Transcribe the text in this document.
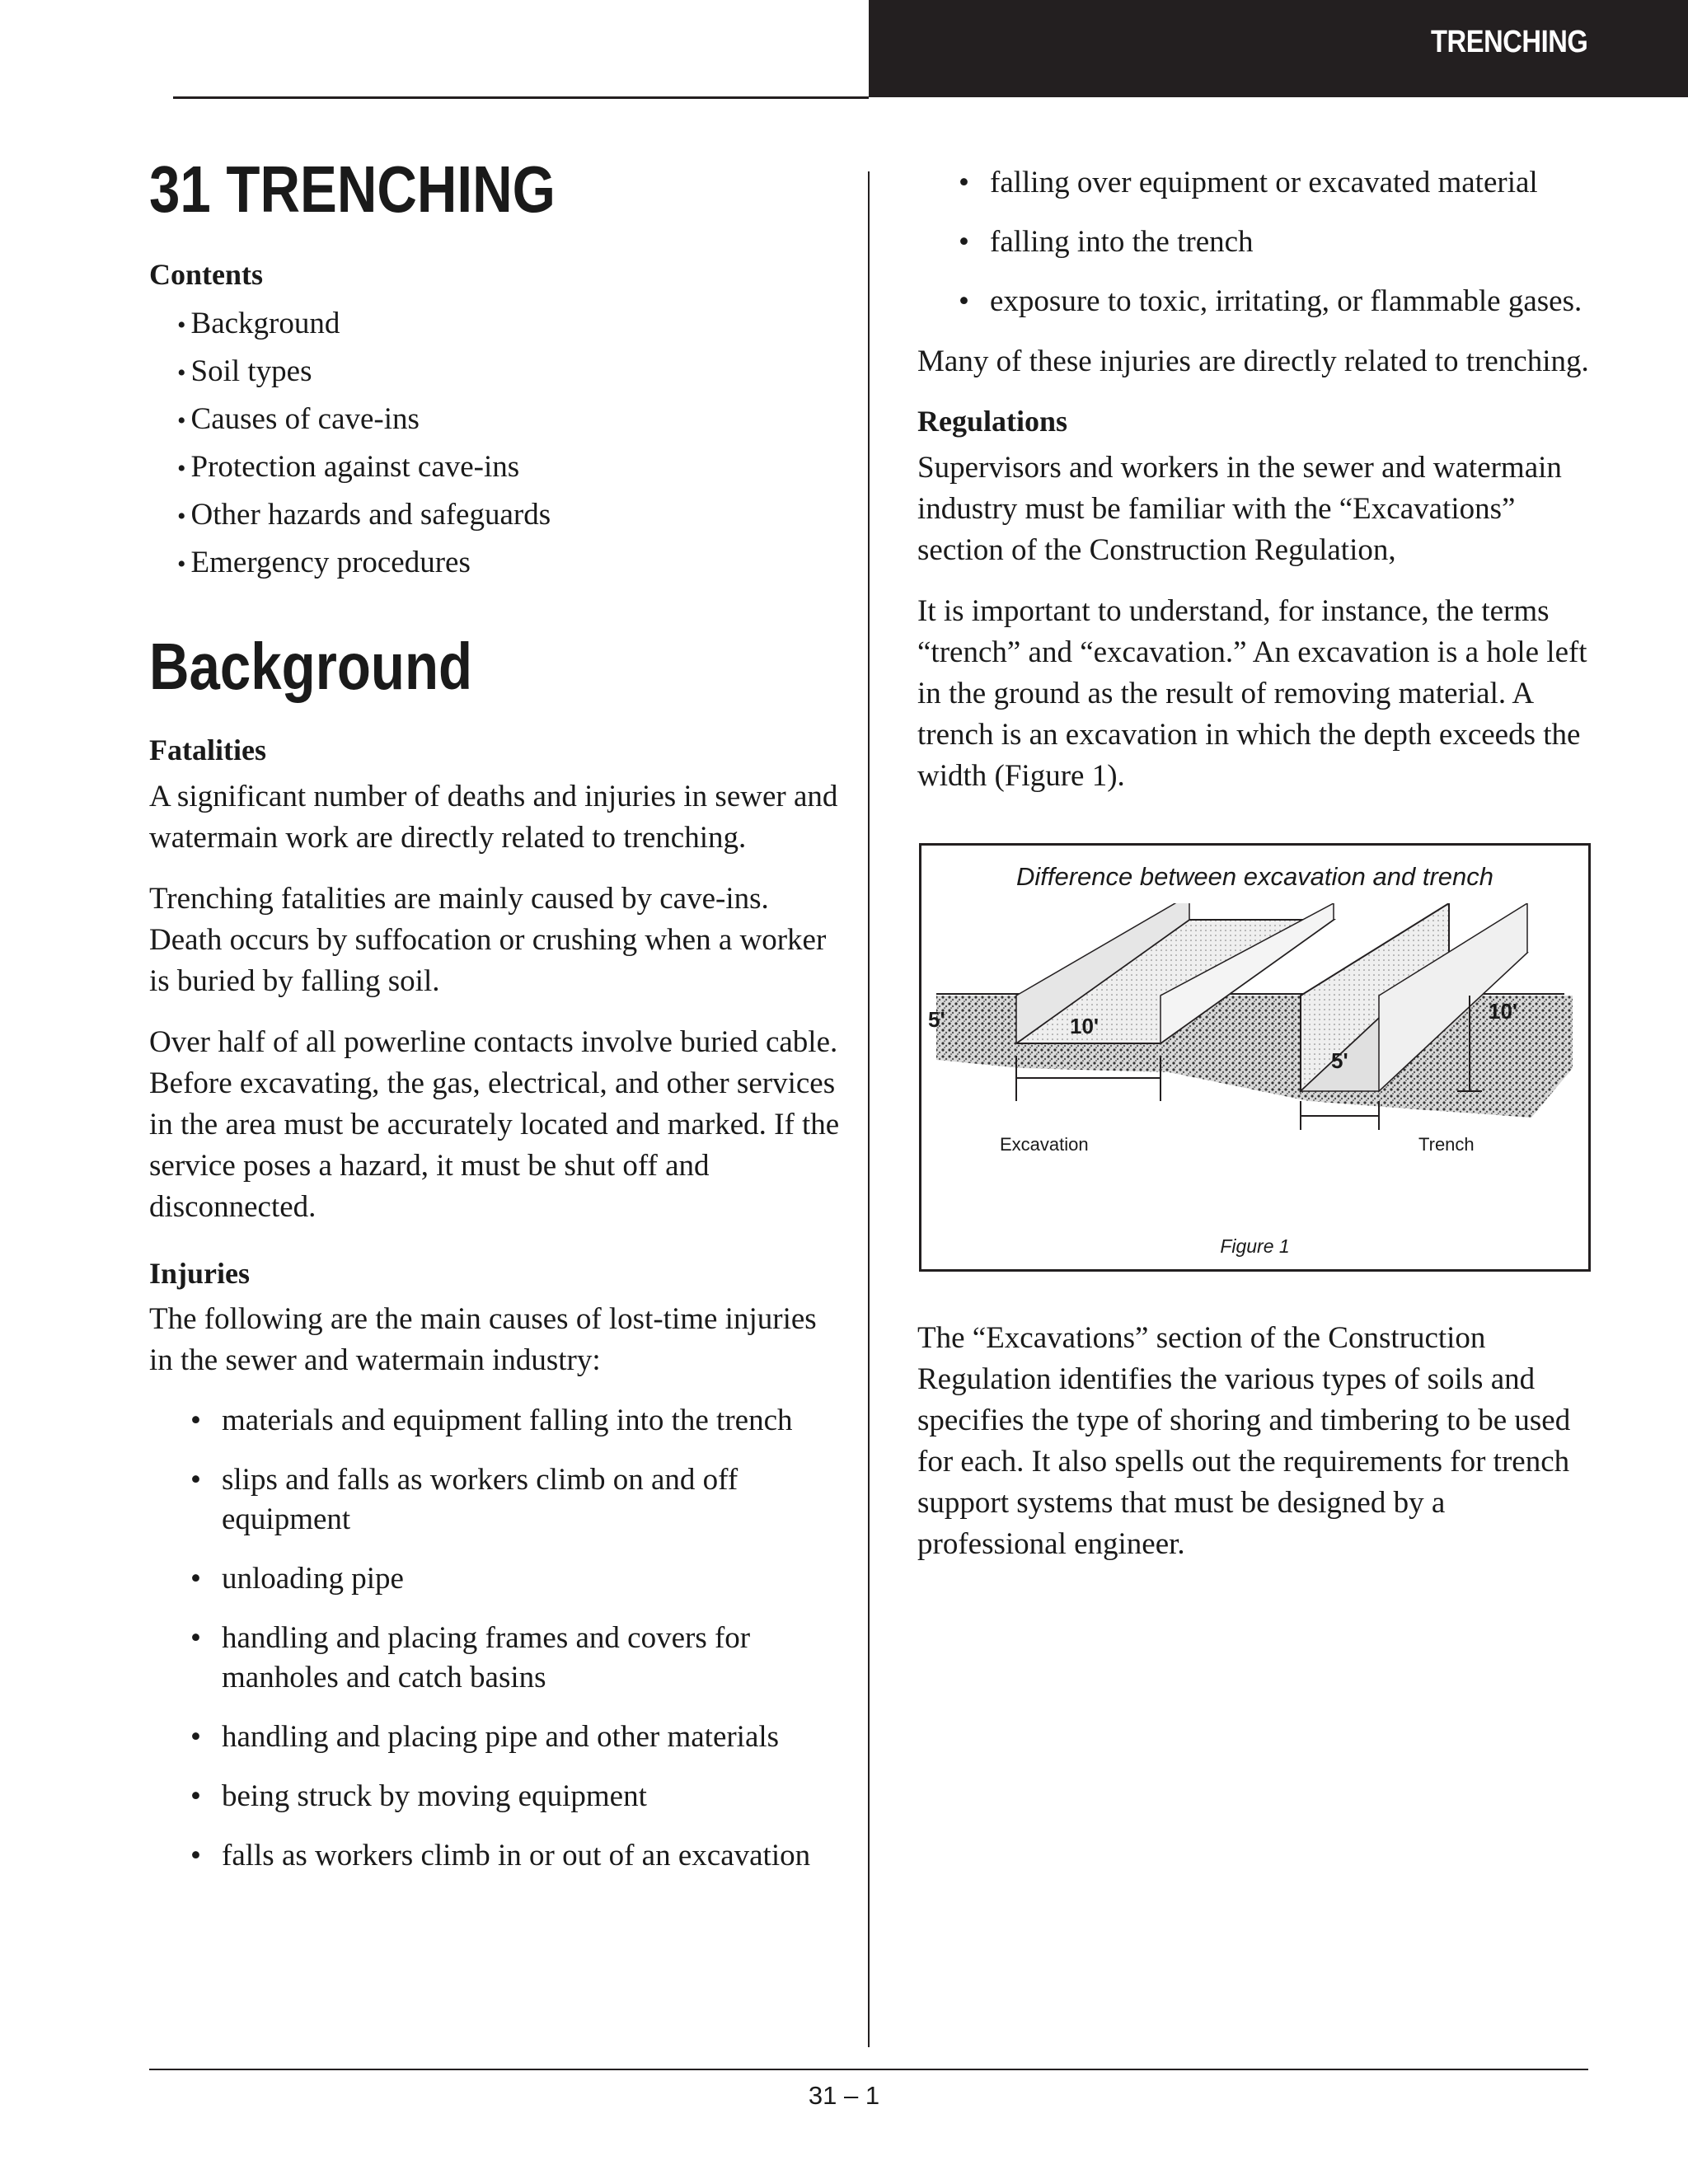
TRENCHING
31 TRENCHING
Contents
• Background
• Soil types
• Causes of cave-ins
• Protection against cave-ins
• Other hazards and safeguards
• Emergency procedures
Background
Fatalities

A significant number of deaths and injuries in sewer and watermain work are directly related to trenching.

Trenching fatalities are mainly caused by cave-ins. Death occurs by suffocation or crushing when a worker is buried by falling soil.

Over half of all powerline contacts involve buried cable. Before excavating, the gas, electrical, and other services in the area must be accurately located and marked. If the service poses a hazard, it must be shut off and disconnected.

Injuries

The following are the main causes of lost-time injuries in the sewer and watermain industry:

• materials and equipment falling into the trench
• slips and falls as workers climb on and off equipment
• unloading pipe
• handling and placing frames and covers for manholes and catch basins
• handling and placing pipe and other materials
• being struck by moving equipment
• falls as workers climb in or out of an excavation
• falling over equipment or excavated material
• falling into the trench
• exposure to toxic, irritating, or flammable gases.

Many of these injuries are directly related to trenching.

Regulations

Supervisors and workers in the sewer and watermain industry must be familiar with the “Excavations” section of the Construction Regulation,

It is important to understand, for instance, the terms “trench” and “excavation.” An excavation is a hole left in the ground as the result of removing material. A trench is an excavation in which the depth exceeds the width (Figure 1).

Difference between excavation and trench
5'	10'
5'
10'
Excavation	Trench
Figure 1

The “Excavations” section of the Construction Regulation identifies the various types of soils and specifies the type of shoring and timbering to be used for each. It also spells out the requirements for trench support systems that must be designed by a professional engineer.

31 – 1
